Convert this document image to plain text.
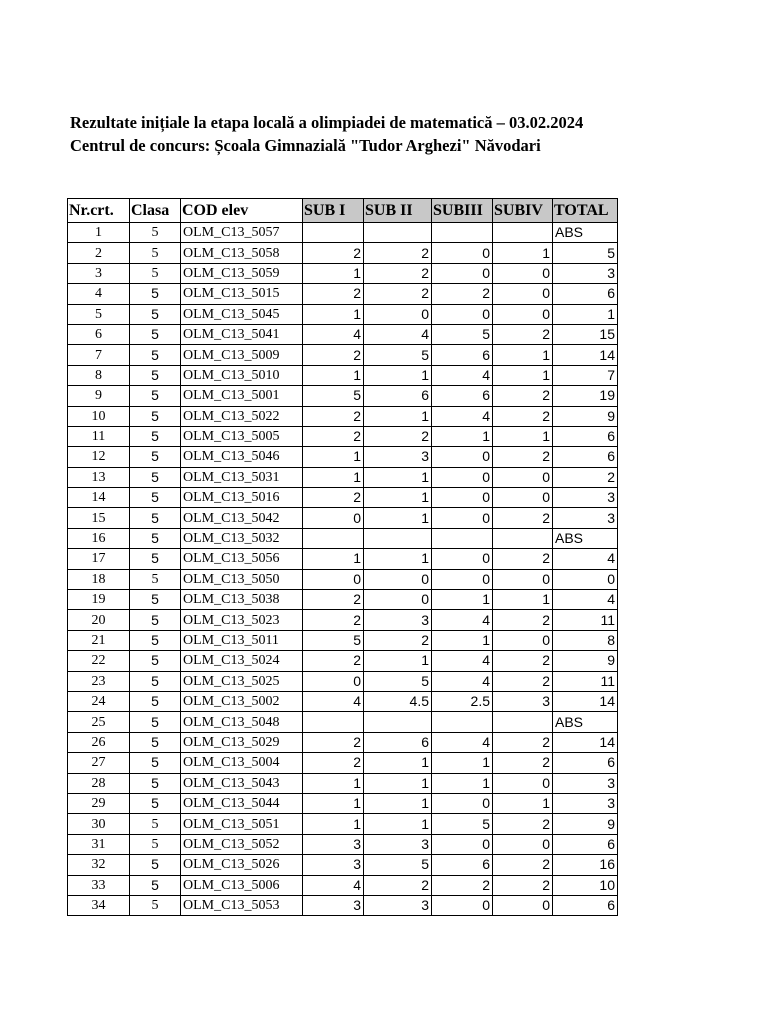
Rezultate inițiale la etapa locală a olimpiadei de matematică – 03.02.2024
Centrul de concurs: Școala Gimnazială "Tudor Arghezi" Năvodari
Nr.crt.	Clasa	COD elev	SUB I	SUB II	SUBIII	SUBIV	TOTAL
1	5	OLM_C13_5057					ABS
2	5	OLM_C13_5058	2	2	0	1	5
3	5	OLM_C13_5059	1	2	0	0	3
4	5	OLM_C13_5015	2	2	2	0	6
5	5	OLM_C13_5045	1	0	0	0	1
6	5	OLM_C13_5041	4	4	5	2	15
7	5	OLM_C13_5009	2	5	6	1	14
8	5	OLM_C13_5010	1	1	4	1	7
9	5	OLM_C13_5001	5	6	6	2	19
10	5	OLM_C13_5022	2	1	4	2	9
11	5	OLM_C13_5005	2	2	1	1	6
12	5	OLM_C13_5046	1	3	0	2	6
13	5	OLM_C13_5031	1	1	0	0	2
14	5	OLM_C13_5016	2	1	0	0	3
15	5	OLM_C13_5042	0	1	0	2	3
16	5	OLM_C13_5032					ABS
17	5	OLM_C13_5056	1	1	0	2	4
18	5	OLM_C13_5050	0	0	0	0	0
19	5	OLM_C13_5038	2	0	1	1	4
20	5	OLM_C13_5023	2	3	4	2	11
21	5	OLM_C13_5011	5	2	1	0	8
22	5	OLM_C13_5024	2	1	4	2	9
23	5	OLM_C13_5025	0	5	4	2	11
24	5	OLM_C13_5002	4	4.5	2.5	3	14
25	5	OLM_C13_5048					ABS
26	5	OLM_C13_5029	2	6	4	2	14
27	5	OLM_C13_5004	2	1	1	2	6
28	5	OLM_C13_5043	1	1	1	0	3
29	5	OLM_C13_5044	1	1	0	1	3
30	5	OLM_C13_5051	1	1	5	2	9
31	5	OLM_C13_5052	3	3	0	0	6
32	5	OLM_C13_5026	3	5	6	2	16
33	5	OLM_C13_5006	4	2	2	2	10
34	5	OLM_C13_5053	3	3	0	0	6
